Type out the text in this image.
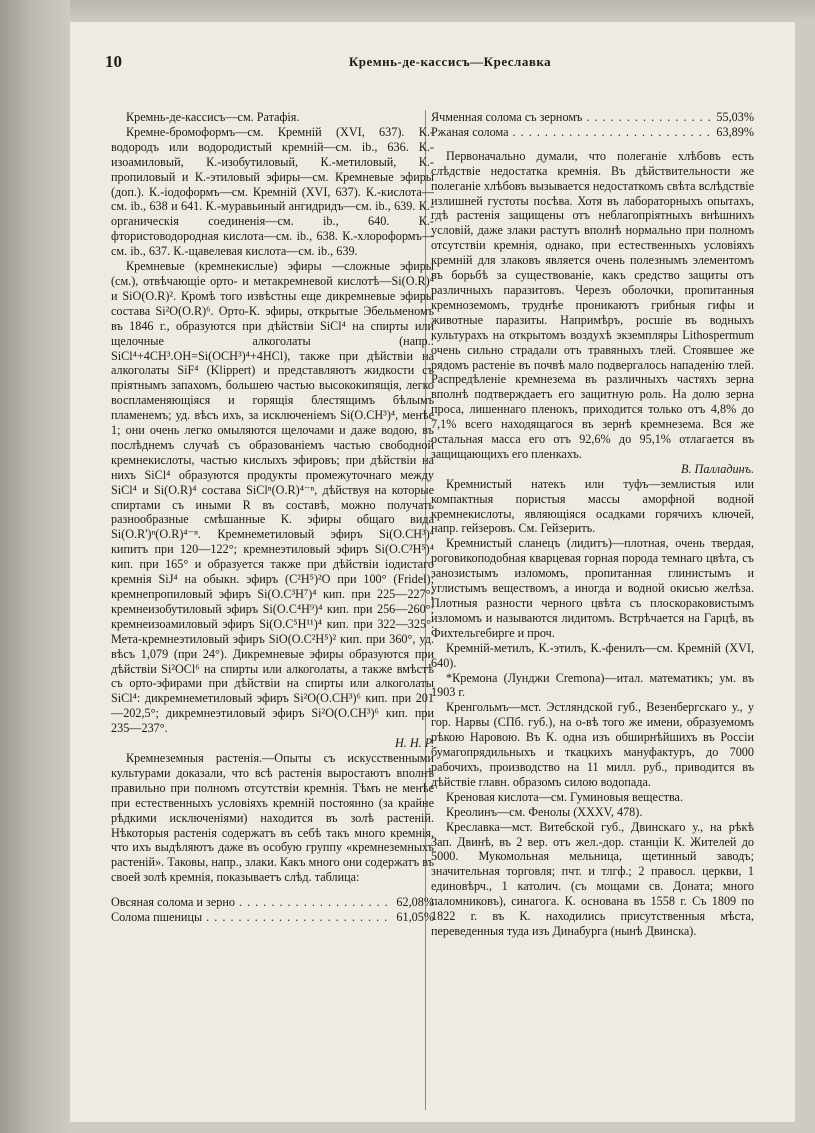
10	Кремнь-де-кассисъ—Креславка

Кремнь-де-кассисъ—см. Ратафія.

Кремне-бромоформъ—см. Кремній (XVI, 637). К.-водородъ или водородистый кремній—см. ib., 636. К.-изоамиловый, К.-изобутиловый, К.-метиловый, К.-пропиловый и К.-этиловый эфиры—см. Кремневые эфиры (доп.). К.-іодоформъ—см. Кремній (XVI, 637). К.-кислота—см. ib., 638 и 641. К.-муравьиный ангидридъ—см. ib., 639. К.-органическія соединенія—см. ib., 640. К.-фтористоводородная кислота—см. ib., 638. К.-хлороформъ—см. ib., 637. К.-щавелевая кислота—см. ib., 639.

Кремневые (кремнекислые) эфиры —сложные эфиры (см.), отвѣчающіе орто- и метакремневой кислотѣ—Si(O.R)⁴ и SiO(O.R)². Кромѣ того извѣстны еще дикремневые эфиры состава Si²O(O.R)⁶. Орто-К. эфиры, открытые Эбельменомъ въ 1846 г., образуются при дѣйствіи SiCl⁴ на спирты или щелочные алкоголаты (напр.: SiCl⁴+4CH³.OH=Si(OCH³)⁴+4HCl), также при дѣйствіи на алкоголаты SiF⁴ (Klippert) и представляютъ жидкости съ пріятнымъ запахомъ, большею частью высококипящія, легко воспламеняющіяся и горящія блестящимъ бѣлымъ пламенемъ; уд. вѣсъ ихъ, за исключеніемъ Si(O.CH³)⁴, менѣе 1; они очень легко омыляются щелочами и даже водою, въ послѣднемъ случаѣ съ образованіемъ частью свободной кремнекислоты, частью кислыхъ эфировъ; при дѣйствіи на нихъ SiCl⁴ образуются продукты промежуточнаго между SiCl⁴ и Si(O.R)⁴ состава SiClⁿ(O.R)⁴⁻ⁿ, дѣйствуя на которые спиртами съ иными R въ составѣ, можно получать разнообразные смѣшанные К. эфиры общаго вида Si(O.R')ⁿ(O.R)⁴⁻ⁿ. Кремнеметиловый эфиръ Si(O.CH³)⁴ кипитъ при 120—122°; кремнеэтиловый эфиръ Si(O.C²H⁵)⁴ кип. при 165° и образуется также при дѣйствіи іодистаго кремнія SiJ⁴ на обыкн. эфиръ (C²H⁵)²O при 100° (Fridel); кремнепропиловый эфиръ Si(O.C³H⁷)⁴ кип. при 225—227°; кремнеизобутиловый эфиръ Si(O.C⁴H⁹)⁴ кип. при 256—260°; кремнеизоамиловый эфиръ Si(O.C⁵H¹¹)⁴ кип. при 322—325°. Мета-кремнеэтиловый эфиръ SiO(O.C²H⁵)² кип. при 360°, уд. вѣсъ 1,079 (при 24°). Дикремневые эфиры образуются при дѣйствіи Si²OCl⁶ на спирты или алкоголаты, а также вмѣстѣ съ орто-эфирами при дѣйствіи на спирты или алкоголаты SiCl⁴: дикремнеметиловый эфиръ Si²O(O.CH³)⁶ кип. при 201—202,5°; дикремнеэтиловый эфиръ Si²O(O.CH³)⁶ кип. при 235—237°.

Н. Н. Р.

Кремнеземныя растенія.—Опыты съ искусственными культурами доказали, что всѣ растенія выростаютъ вполнѣ правильно при полномъ отсутствіи кремнія. Тѣмъ не менѣе при естественныхъ условіяхъ кремній постоянно (за крайне рѣдкими исключеніями) находится въ золѣ растеній. Нѣкоторыя растенія содержатъ въ себѣ такъ много кремнія, что ихъ выдѣляютъ даже въ особую группу «кремнеземныхъ растеній». Таковы, напр., злаки. Какъ много они содержатъ въ своей золѣ кремнія, показываетъ слѣд. таблица:

Овсяная солома и зерно . . .	62,08%
Солома пшеницы . . .	61,05%
Ячменная солома съ зерномъ . . .	55,03%
Ржаная солома . . .	63,89%

Первоначально думали, что полеганіе хлѣбовъ есть слѣдствіе недостатка кремнія. Въ дѣйствительности же полеганіе хлѣбовъ вызывается недостаткомъ свѣта вслѣдствіе излишней густоты посѣва. Хотя въ лабораторныхъ опытахъ, гдѣ растенія защищены отъ неблагопріятныхъ внѣшнихъ условій, даже злаки растутъ вполнѣ нормально при полномъ отсутствіи кремнія, однако, при естественныхъ условіяхъ кремній для злаковъ является очень полезнымъ элементомъ въ борьбѣ за существованіе, какъ средство защиты отъ различныхъ паразитовъ. Черезъ оболочки, пропитанныя кремноземомъ, труднѣе проникаютъ грибныя гифы и животные паразиты. Напримѣръ, росшіе въ водныхъ культурахъ на открытомъ воздухѣ экземпляры Lithospermum очень сильно страдали отъ травяныхъ тлей. Стоявшее же рядомъ растеніе въ почвѣ мало подвергалось нападенію тлей. Распредѣленіе кремнезема въ различныхъ частяхъ зерна вполнѣ подтверждаетъ его защитную роль. На долю зерна проса, лишеннаго пленокъ, приходится только отъ 4,8% до 7,1% всего находящагося въ зернѣ кремнезема. Вся же остальная масса его отъ 92,6% до 95,1% отлагается въ защищающихъ его пленкахъ.

В. Палладинъ.

Кремнистый натекъ или туфъ—землистыя или компактныя пористыя массы аморфной водной кремнекислоты, являющіяся осадками горячихъ ключей, напр. гейзеровъ. См. Гейзерить.

Кремнистый сланецъ (лидитъ)—плотная, очень твердая, роговикоподобная кварцевая горная порода темнаго цвѣта, съ занозистымъ изломомъ, пропитанная глинистымъ и углистымъ веществомъ, а иногда и водной окисью желѣза. Плотныя разности черного цвѣта съ плоскораковистымъ изломомъ и называются лидитомъ. Встрѣчается на Гарцѣ, въ Фихтельгебирге и проч.

Кремній-метилъ, К.-этилъ, К.-фенилъ—см. Кремній (XVI, 640).

*Кремона (Лунджи Cremona)—итал. математикъ; ум. въ 1903 г.

Кренгольмъ—мст. Эстляндской губ., Везенбергскаго у., у гор. Нарвы (СПб. губ.), на о-вѣ того же имени, образуемомъ рѣкою Наровою. Въ К. одна изъ обширнѣйшихъ въ Россіи бумагопрядильныхъ и ткацкихъ мануфактуръ, до 7000 рабочихъ, производство на 11 милл. руб., приводится въ дѣйствіе главн. образомъ силою водопада.

Креновая кислота—см. Гуминовыя вещества.

Креолинъ—см. Фенолы (XXXV, 478).

Креславка—мст. Витебской губ., Двинскаго у., на рѣкѣ Зап. Двинѣ, въ 2 вер. отъ жел.-дор. станціи К. Жителей до 5000. Мукомольная мельница, щетинный заводъ; значительная торговля; пчт. и тлгф.; 2 правосл. церкви, 1 единовѣрч., 1 католич. (съ мощами св. Доната; много паломниковъ), синагога. К. основана въ 1558 г. Съ 1809 по 1822 г. въ К. находились присутственныя мѣста, переведенныя туда изъ Динабурга (нынѣ Двинска).
